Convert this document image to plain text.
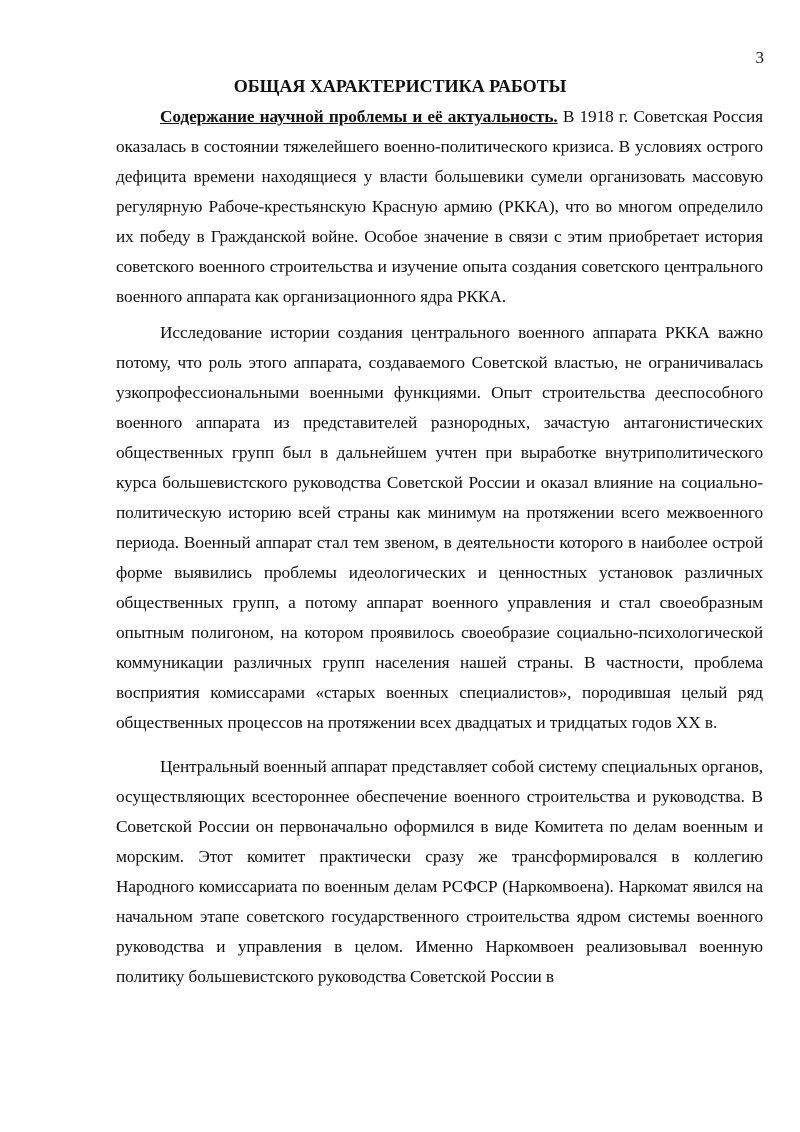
3
ОБЩАЯ ХАРАКТЕРИСТИКА РАБОТЫ

Содержание научной проблемы и её актуальность. В 1918 г. Советская Россия оказалась в состоянии тяжелейшего военно-политического кризиса. В условиях острого дефицита времени находящиеся у власти большевики сумели организовать массовую регулярную Рабоче-крестьянскую Красную армию (РККА), что во многом определило их победу в Гражданской войне. Особое значение в связи с этим приобретает история советского военного строительства и изучение опыта создания советского центрального военного аппарата как организационного ядра РККА.

Исследование истории создания центрального военного аппарата РККА важно потому, что роль этого аппарата, создаваемого Советской властью, не ограничивалась узкопрофессиональными военными функциями. Опыт строительства дееспособного военного аппарата из представителей разнородных, зачастую антагонистических общественных групп был в дальнейшем учтен при выработке внутриполитического курса большевистского руководства Советской России и оказал влияние на социально-политическую историю всей страны как минимум на протяжении всего межвоенного периода. Военный аппарат стал тем звеном, в деятельности которого в наиболее острой форме выявились проблемы идеологических и ценностных установок различных общественных групп, а потому аппарат военного управления и стал своеобразным опытным полигоном, на котором проявилось своеобразие социально-психологической коммуникации различных групп населения нашей страны. В частности, проблема восприятия комиссарами «старых военных специалистов», породившая целый ряд общественных процессов на протяжении всех двадцатых и тридцатых годов XX в.

Центральный военный аппарат представляет собой систему специальных органов, осуществляющих всестороннее обеспечение военного строительства и руководства. В Советской России он первоначально оформился в виде Комитета по делам военным и морским. Этот комитет практически сразу же трансформировался в коллегию Народного комиссариата по военным делам РСФСР (Наркомвоена). Наркомат явился на начальном этапе советского государственного строительства ядром системы военного руководства и управления в целом. Именно Наркомвоен реализовывал военную политику большевистского руководства Советской России в
